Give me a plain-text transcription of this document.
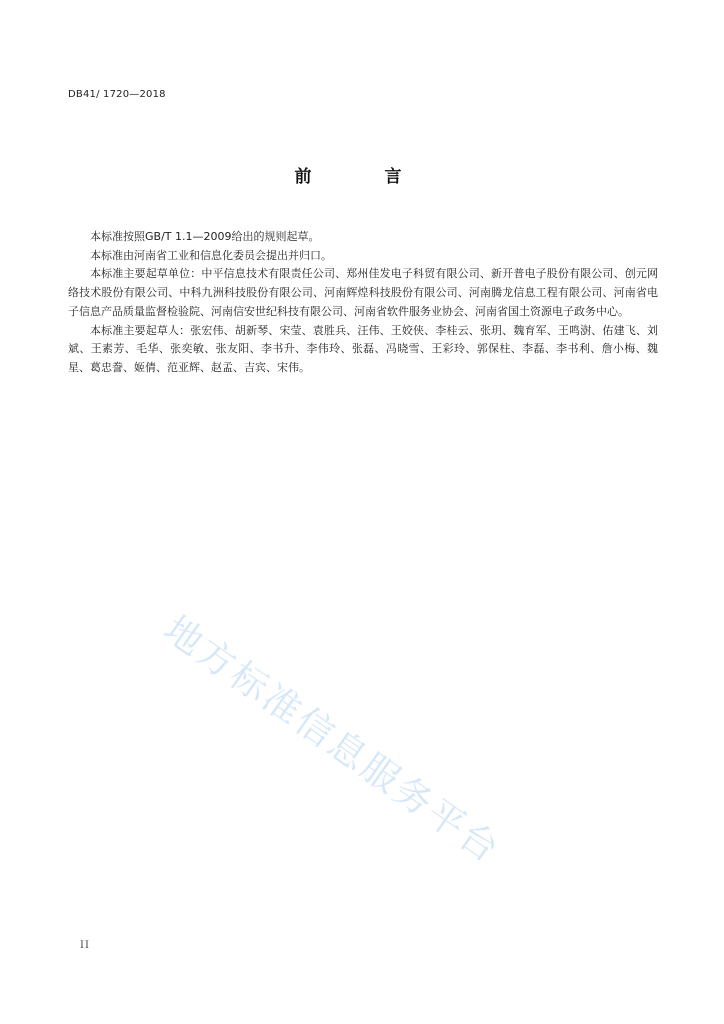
DB41/ 1720—2018
前　言

本标准按照GB/T 1.1—2009给出的规则起草。

本标准由河南省工业和信息化委员会提出并归口。

本标准主要起草单位：中平信息技术有限责任公司、郑州佳发电子科贸有限公司、新开普电子股份有限公司、创元网络技术股份有限公司、中科九洲科技股份有限公司、河南辉煌科技股份有限公司、河南腾龙信息工程有限公司、河南省电子信息产品质量监督检验院、河南信安世纪科技有限公司、河南省软件服务业协会、河南省国土资源电子政务中心。

本标准主要起草人：张宏伟、胡新琴、宋莹、袁胜兵、汪伟、王姣侠、李桂云、张玥、魏育军、王鸣澍、佑建飞、刘斌、王素芳、毛华、张奕敏、张友阳、李书升、李伟玲、张磊、冯晓雪、王彩玲、郭保柱、李磊、李书利、詹小梅、魏星、葛忠誊、姬倩、范亚辉、赵孟、吉宾、宋伟。

地方标准信息服务平台
II
